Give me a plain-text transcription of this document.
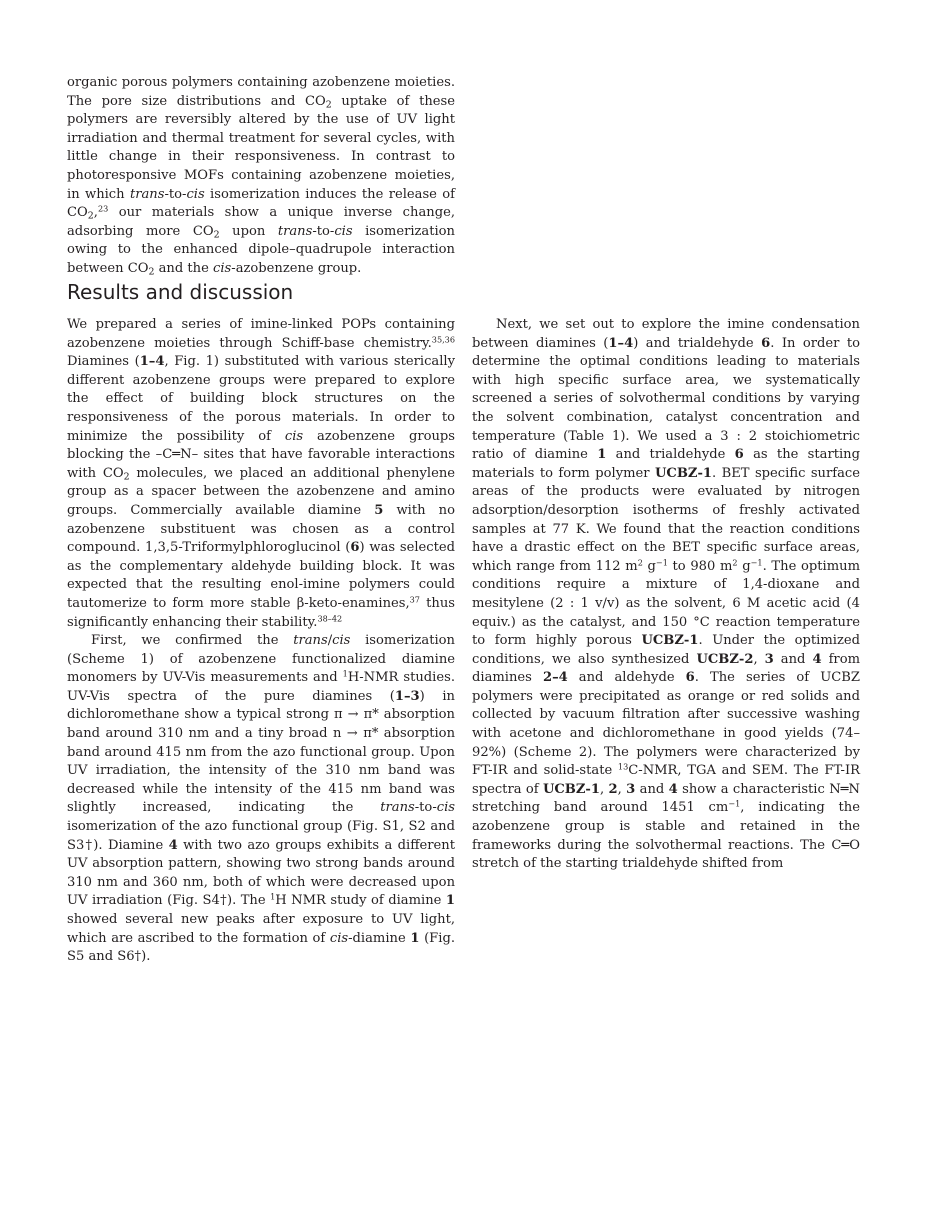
organic porous polymers containing azobenzene moieties. The pore size distributions and $CO_2$ uptake of these polymers are reversibly altered by the use of UV light irradiation and thermal treatment for several cycles, with little change in their responsiveness. In contrast to photoresponsive MOFs containing azobenzene moieties, in which trans-to-cis isomerization induces the release of $CO_2,^{23}$ our materials show a unique inverse change, adsorbing more $CO_2$ upon trans-to-cis isomerization owing to the enhanced dipole–quadrupole interaction between $CO_2$ and the cis-azobenzene group.

Results and discussion

We prepared a series of imine-linked POPs containing azobenzene moieties through Schiff-base chemistry.$^{35,36}$ Diamines (1–4, Fig. 1) substituted with various sterically different azobenzene groups were prepared to explore the effect of building block structures on the responsiveness of the porous materials. In order to minimize the possibility of cis azobenzene groups blocking the –C═N– sites that have favorable interactions with $CO_2$ molecules, we placed an additional phenylene group as a spacer between the azobenzene and amino groups. Commercially available diamine 5 with no azobenzene substituent was chosen as a control compound. 1,3,5-Triformylphloroglucinol (6) was selected as the complementary aldehyde building block. It was expected that the resulting enol-imine polymers could tautomerize to form more stable β-keto-enamines,$^{37}$ thus significantly enhancing their stability.$^{38-42}$

First, we confirmed the trans/cis isomerization (Scheme 1) of azobenzene functionalized diamine monomers by UV-Vis measurements and $^1$H-NMR studies. UV-Vis spectra of the pure diamines (1–3) in dichloromethane show a typical strong π → π* absorption band around 310 nm and a tiny broad n → π* absorption band around 415 nm from the azo functional group. Upon UV irradiation, the intensity of the 310 nm band was decreased while the intensity of the 415 nm band was slightly increased, indicating the trans-to-cis isomerization of the azo functional group (Fig. S1, S2 and S3†). Diamine 4 with two azo groups exhibits a different UV absorption pattern, showing two strong bands around 310 nm and 360 nm, both of which were decreased upon UV irradiation (Fig. S4†). The $^1$H NMR study of diamine 1 showed several new peaks after exposure to UV light, which are ascribed to the formation of cis-diamine 1 (Fig. S5 and S6†).

Next, we set out to explore the imine condensation between diamines (1–4) and trialdehyde 6. In order to determine the optimal conditions leading to materials with high specific surface area, we systematically screened a series of solvothermal conditions by varying the solvent combination, catalyst concentration and temperature (Table 1). We used a 3 : 2 stoichiometric ratio of diamine 1 and trialdehyde 6 as the starting materials to form polymer UCBZ-1. BET specific surface areas of the products were evaluated by nitrogen adsorption/desorption isotherms of freshly activated samples at 77 K. We found that the reaction conditions have a drastic effect on the BET specific surface areas, which range from 112 $m^2$ $g^{-1}$ to 980 $m^2$ $g^{-1}$. The optimum conditions require a mixture of 1,4-dioxane and mesitylene (2 : 1 v/v) as the solvent, 6 M acetic acid (4 equiv.) as the catalyst, and 150 °C reaction temperature to form highly porous UCBZ-1. Under the optimized conditions, we also synthesized UCBZ-2, 3 and 4 from diamines 2–4 and aldehyde 6. The series of UCBZ polymers were precipitated as orange or red solids and collected by vacuum filtration after successive washing with acetone and dichloromethane in good yields (74–92%) (Scheme 2). The polymers were characterized by FT-IR and solid-state $^{13}$C-NMR, TGA and SEM. The FT-IR spectra of UCBZ-1, 2, 3 and 4 show a characteristic N═N stretching band around 1451 $cm^{-1}$, indicating the azobenzene group is stable and retained in the frameworks during the solvothermal reactions. The C═O stretch of the starting trialdehyde shifted from
